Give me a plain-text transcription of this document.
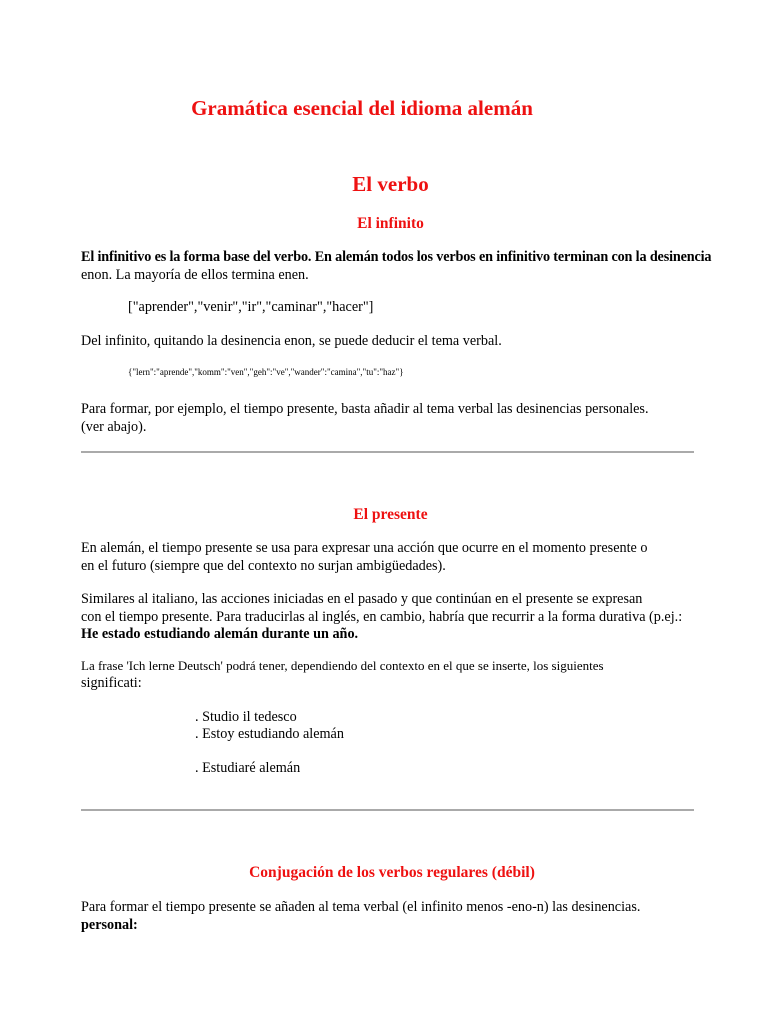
Gramática esencial del idioma alemán
El verbo
El infinito
El infinitivo es la forma base del verbo. En alemán todos los verbos en infinitivo terminan con la desinencia
enon. La mayoría de ellos termina enen.
["aprender","venir","ir","caminar","hacer"]
Del infinito, quitando la desinencia enon, se puede deducir el tema verbal.
{"lern":"aprende","komm":"ven","geh":"ve","wander":"camina","tu":"haz"}
Para formar, por ejemplo, el tiempo presente, basta añadir al tema verbal las desinencias personales.
(ver abajo).
El presente
En alemán, el tiempo presente se usa para expresar una acción que ocurre en el momento presente o
en el futuro (siempre que del contexto no surjan ambigüedades).
Similares al italiano, las acciones iniciadas en el pasado y que continúan en el presente se expresan
con el tiempo presente. Para traducirlas al inglés, en cambio, habría que recurrir a la forma durativa (p.ej.:
He estado estudiando alemán durante un año.
La frase 'Ich lerne Deutsch' podrá tener, dependiendo del contexto en el que se inserte, los siguientes
significati:
. Studio il tedesco
. Estoy estudiando alemán
. Estudiaré alemán
Conjugación de los verbos regulares (débil)
Para formar el tiempo presente se añaden al tema verbal (el infinito menos -eno-n) las desinencias.
personal:
